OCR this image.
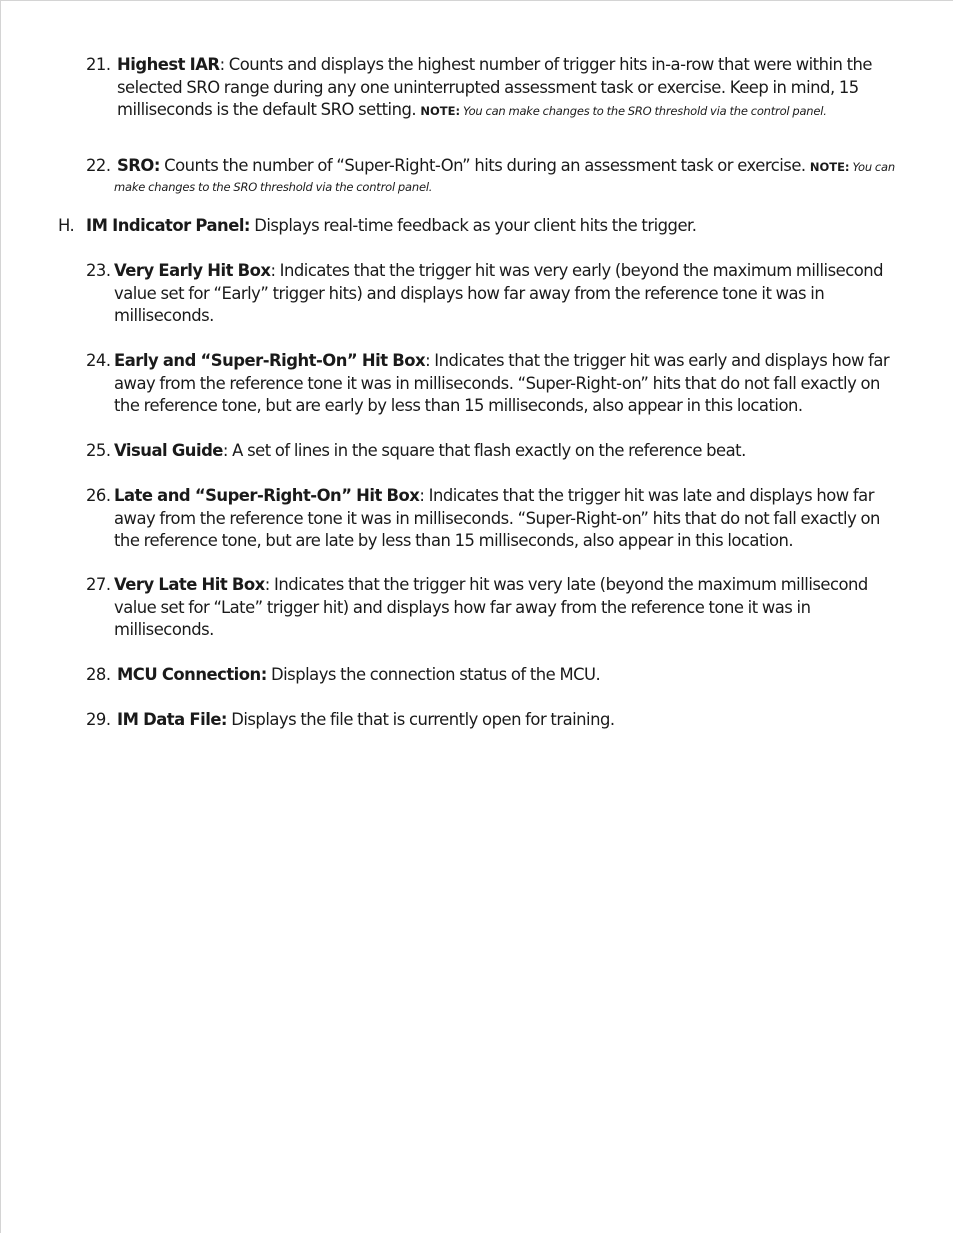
21. Highest IAR: Counts and displays the highest number of trigger hits in-a-row that were within the selected SRO range during any one uninterrupted assessment task or exercise. Keep in mind, 15 milliseconds is the default SRO setting. NOTE: You can make changes to the SRO threshold via the control panel.
22. SRO: Counts the number of “Super-Right-On” hits during an assessment task or exercise. NOTE: You can
make changes to the SRO threshold via the control panel.
H. IM Indicator Panel: Displays real-time feedback as your client hits the trigger.
23. Very Early Hit Box: Indicates that the trigger hit was very early (beyond the maximum millisecond value set for “Early” trigger hits) and displays how far away from the reference tone it was in milliseconds.
24. Early and “Super-Right-On” Hit Box: Indicates that the trigger hit was early and displays how far away from the reference tone it was in milliseconds. “Super-Right-on” hits that do not fall exactly on the reference tone, but are early by less than 15 milliseconds, also appear in this location.
25. Visual Guide: A set of lines in the square that flash exactly on the reference beat.
26. Late and “Super-Right-On” Hit Box: Indicates that the trigger hit was late and displays how far away from the reference tone it was in milliseconds. “Super-Right-on” hits that do not fall exactly on the reference tone, but are late by less than 15 milliseconds, also appear in this location.
27. Very Late Hit Box: Indicates that the trigger hit was very late (beyond the maximum millisecond value set for “Late” trigger hit) and displays how far away from the reference tone it was in milliseconds.
28. MCU Connection: Displays the connection status of the MCU.
29. IM Data File: Displays the file that is currently open for training.
